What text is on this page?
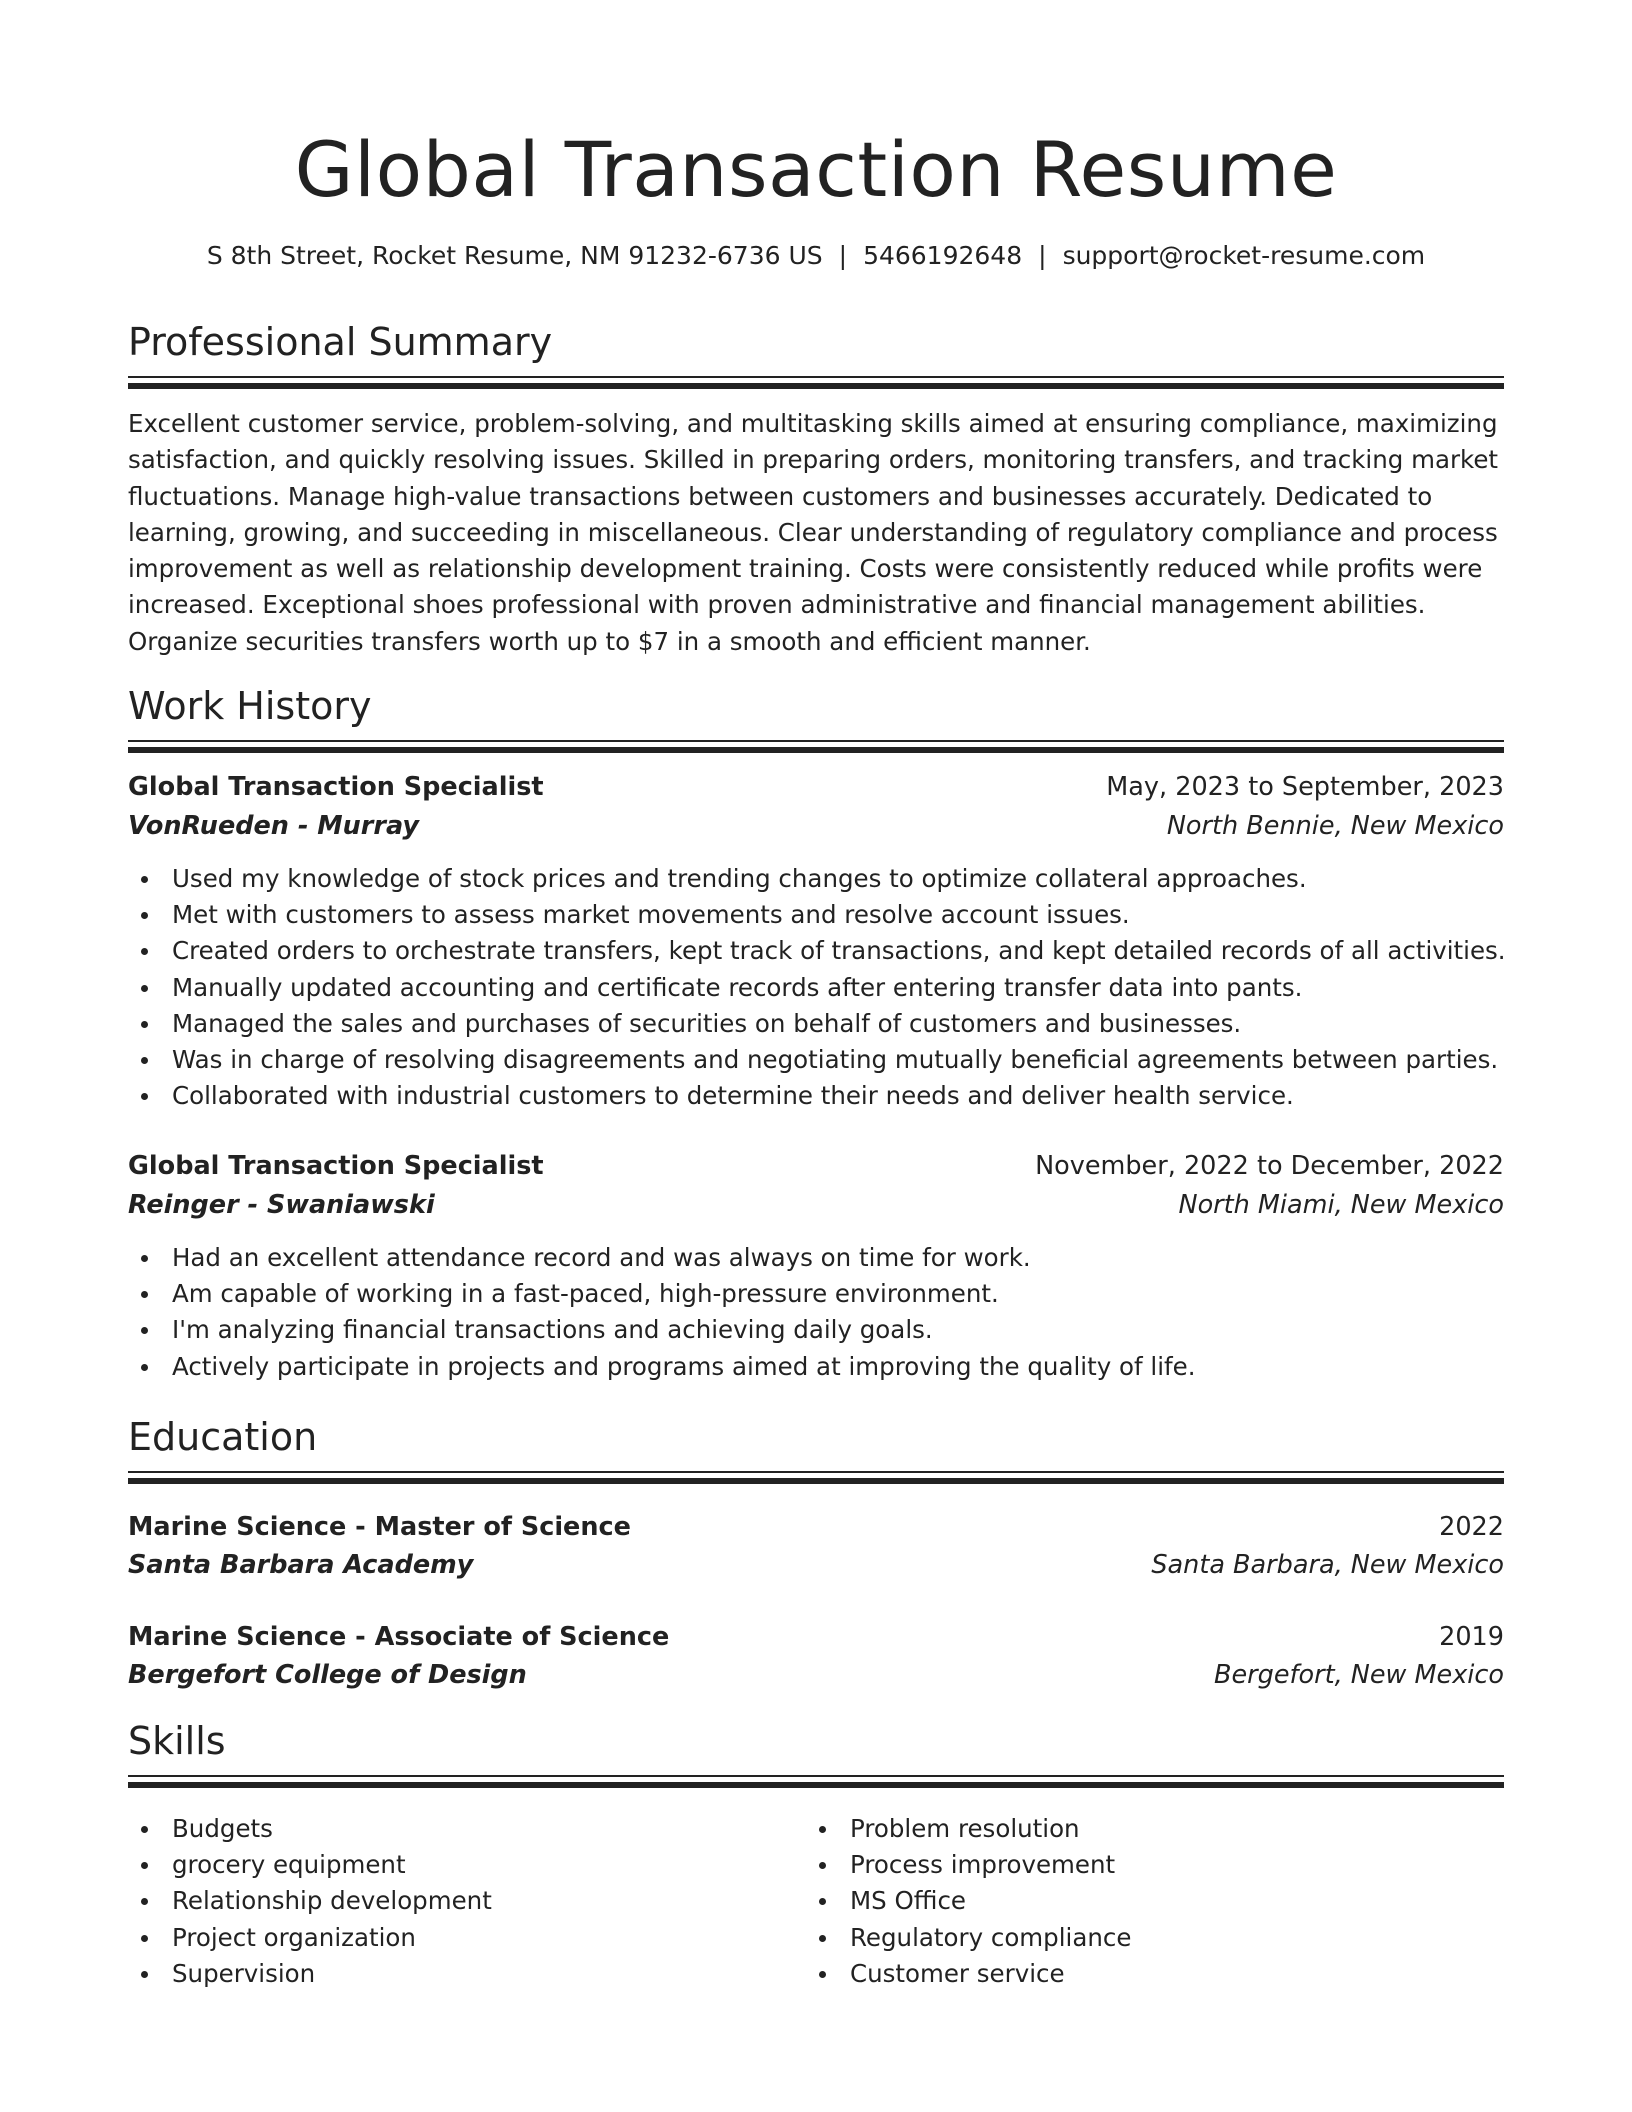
Global Transaction Resume
S 8th Street, Rocket Resume, NM 91232-6736 US | 5466192648 | support@rocket-resume.com
Professional Summary

Excellent customer service, problem-solving, and multitasking skills aimed at ensuring compliance, maximizing satisfaction, and quickly resolving issues. Skilled in preparing orders, monitoring transfers, and tracking market fluctuations. Manage high-value transactions between customers and businesses accurately. Dedicated to learning, growing, and succeeding in miscellaneous. Clear understanding of regulatory compliance and process improvement as well as relationship development training. Costs were consistently reduced while profits were increased. Exceptional shoes professional with proven administrative and financial management abilities. Organize securities transfers worth up to $7 in a smooth and efficient manner.

Work History
Global Transaction Specialist	May, 2023 to September, 2023
VonRueden - Murray	North Bennie, New Mexico
Used my knowledge of stock prices and trending changes to optimize collateral approaches.
Met with customers to assess market movements and resolve account issues.
Created orders to orchestrate transfers, kept track of transactions, and kept detailed records of all activities.
Manually updated accounting and certificate records after entering transfer data into pants.
Managed the sales and purchases of securities on behalf of customers and businesses.
Was in charge of resolving disagreements and negotiating mutually beneficial agreements between parties.
Collaborated with industrial customers to determine their needs and deliver health service.
Global Transaction Specialist	November, 2022 to December, 2022
Reinger - Swaniawski	North Miami, New Mexico
Had an excellent attendance record and was always on time for work.
Am capable of working in a fast-paced, high-pressure environment.
I'm analyzing financial transactions and achieving daily goals.
Actively participate in projects and programs aimed at improving the quality of life.
Education
Marine Science - Master of Science	2022
Santa Barbara Academy	Santa Barbara, New Mexico
Marine Science - Associate of Science	2019
Bergefort College of Design	Bergefort, New Mexico
Skills
Budgets
grocery equipment
Relationship development
Project organization
Supervision
Problem resolution
Process improvement
MS Office
Regulatory compliance
Customer service
